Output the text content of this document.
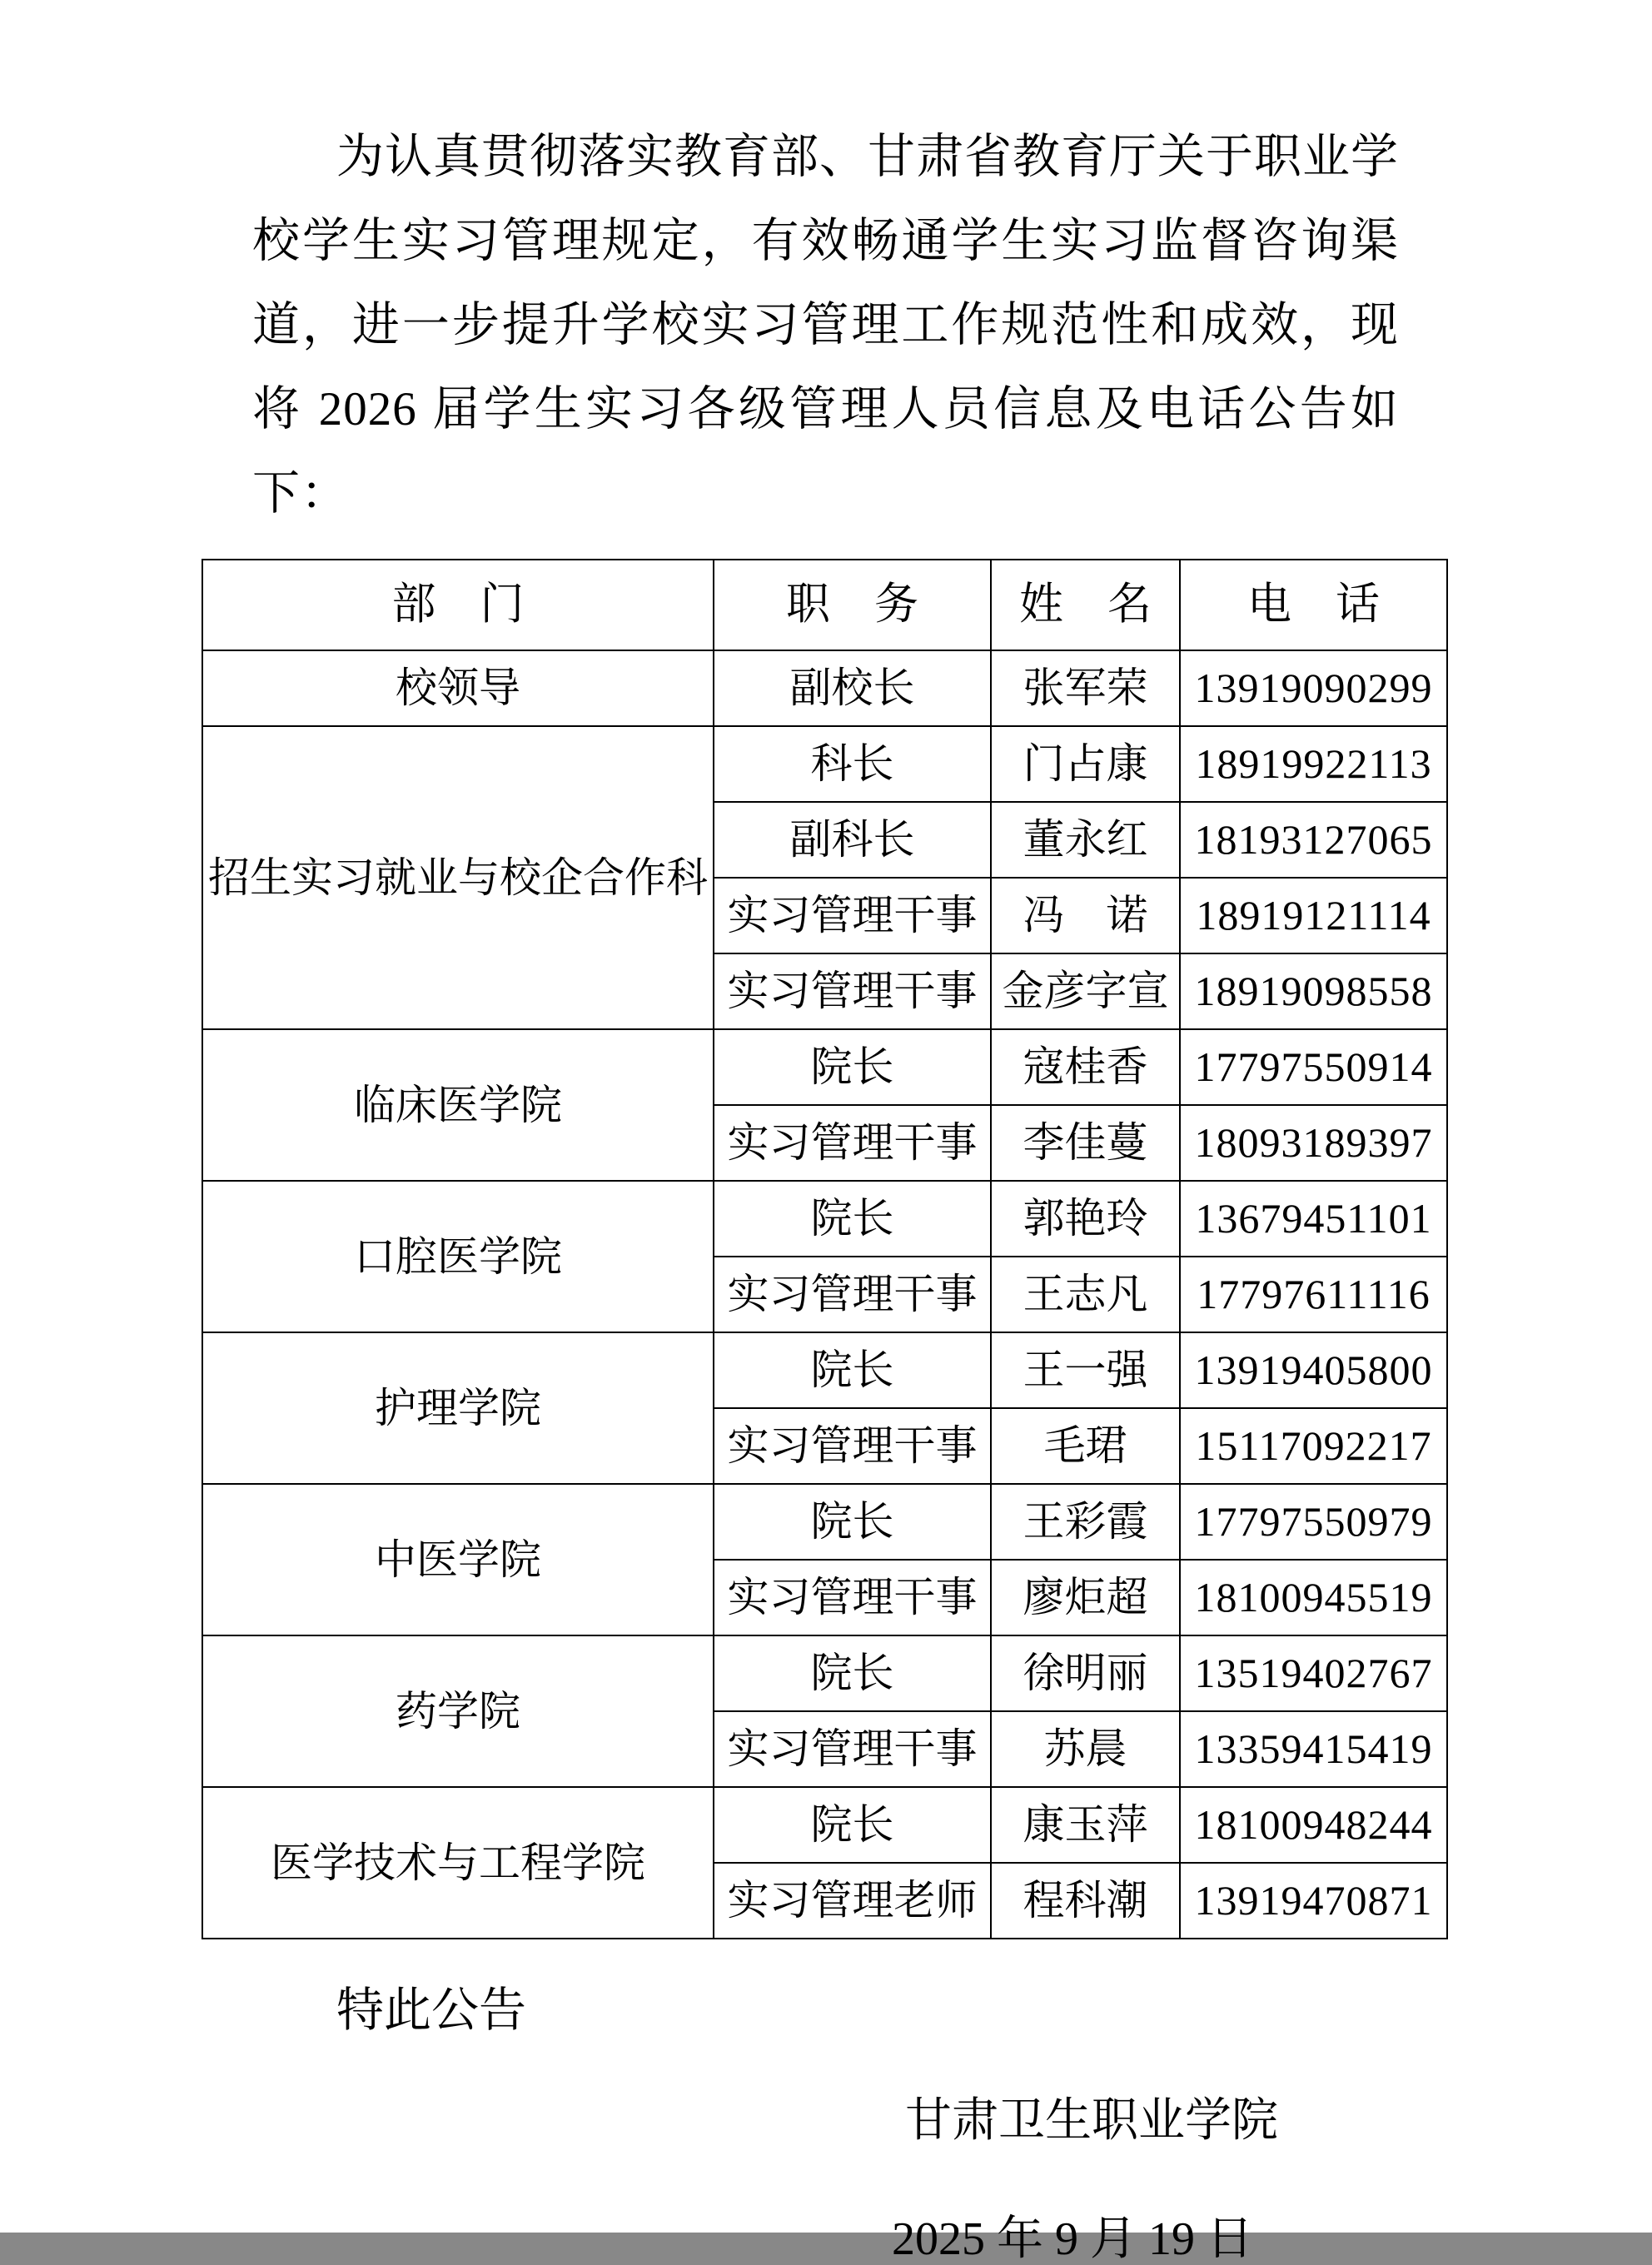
为认真贯彻落实教育部、甘肃省教育厅关于职业学校学生实习管理规定，有效畅通学生实习监督咨询渠道，进一步提升学校实习管理工作规范性和成效，现将 2026 届学生实习各级管理人员信息及电话公告如下：

部　门	职　务	姓　名	电　话
校领导	副校长	张军荣	13919090299
招生实习就业与校企合作科	科长	门占康	18919922113
	副科长	董永红	18193127065
	实习管理干事	冯　诺	18919121114
	实习管理干事	金彦字宣	18919098558
临床医学院	院长	寇桂香	17797550914
	实习管理干事	李佳蔓	18093189397
口腔医学院	院长	郭艳玲	13679451101
	实习管理干事	王志凡	17797611116
护理学院	院长	王一强	13919405800
	实习管理干事	毛珺	15117092217
中医学院	院长	王彩霞	17797550979
	实习管理干事	廖炬超	18100945519
药学院	院长	徐明丽	13519402767
	实习管理干事	苏晨	13359415419
医学技术与工程学院	院长	康玉萍	18100948244
	实习管理老师	程科潮	13919470871
特此公告
甘肃卫生职业学院
2025 年 9 月 19 日
